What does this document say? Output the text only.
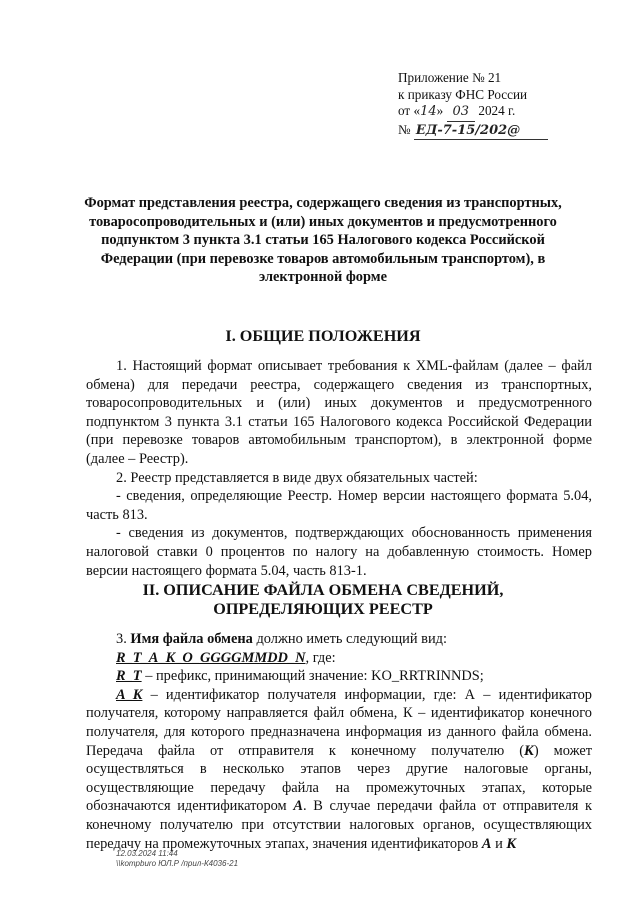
Приложение № 21
к приказу ФНС России
от «14» 03 2024 г.
№ ЕД-7-15/202@
Формат представления реестра, содержащего сведения из транспортных, товаросопроводительных и (или) иных документов и предусмотренного подпунктом 3 пункта 3.1 статьи 165 Налогового кодекса Российской Федерации (при перевозке товаров автомобильным транспортом), в электронной форме
I. ОБЩИЕ ПОЛОЖЕНИЯ

1. Настоящий формат описывает требования к XML-файлам (далее – файл обмена) для передачи реестра, содержащего сведения из транспортных, товаросопроводительных и (или) иных документов и предусмотренного подпунктом 3 пункта 3.1 статьи 165 Налогового кодекса Российской Федерации (при перевозке товаров автомобильным транспортом), в электронной форме (далее – Реестр).

2. Реестр представляется в виде двух обязательных частей:

- сведения, определяющие Реестр. Номер версии настоящего формата 5.04, часть 813.

- сведения из документов, подтверждающих обоснованность применения налоговой ставки 0 процентов по налогу на добавленную стоимость. Номер версии настоящего формата 5.04, часть 813-1.

II. ОПИСАНИЕ ФАЙЛА ОБМЕНА СВЕДЕНИЙ, ОПРЕДЕЛЯЮЩИХ РЕЕСТР

3. Имя файла обмена должно иметь следующий вид:

R_T_A_K_O_GGGGMMDD_N, где:

R_T – префикс, принимающий значение: KO_RRTRINNDS;

A_K – идентификатор получателя информации, где: А – идентификатор получателя, которому направляется файл обмена, К – идентификатор конечного получателя, для которого предназначена информация из данного файла обмена. Передача файла от отправителя к конечному получателю (К) может осуществляться в несколько этапов через другие налоговые органы, осуществляющие передачу файла на промежуточных этапах, которые обозначаются идентификатором А. В случае передачи файла от отправителя к конечному получателю при отсутствии налоговых органов, осуществляющих передачу на промежуточных этапах, значения идентификаторов А и К

12.03.2024 11:44
\\kompburo ЮЛ.Р /прил-К4036-21
